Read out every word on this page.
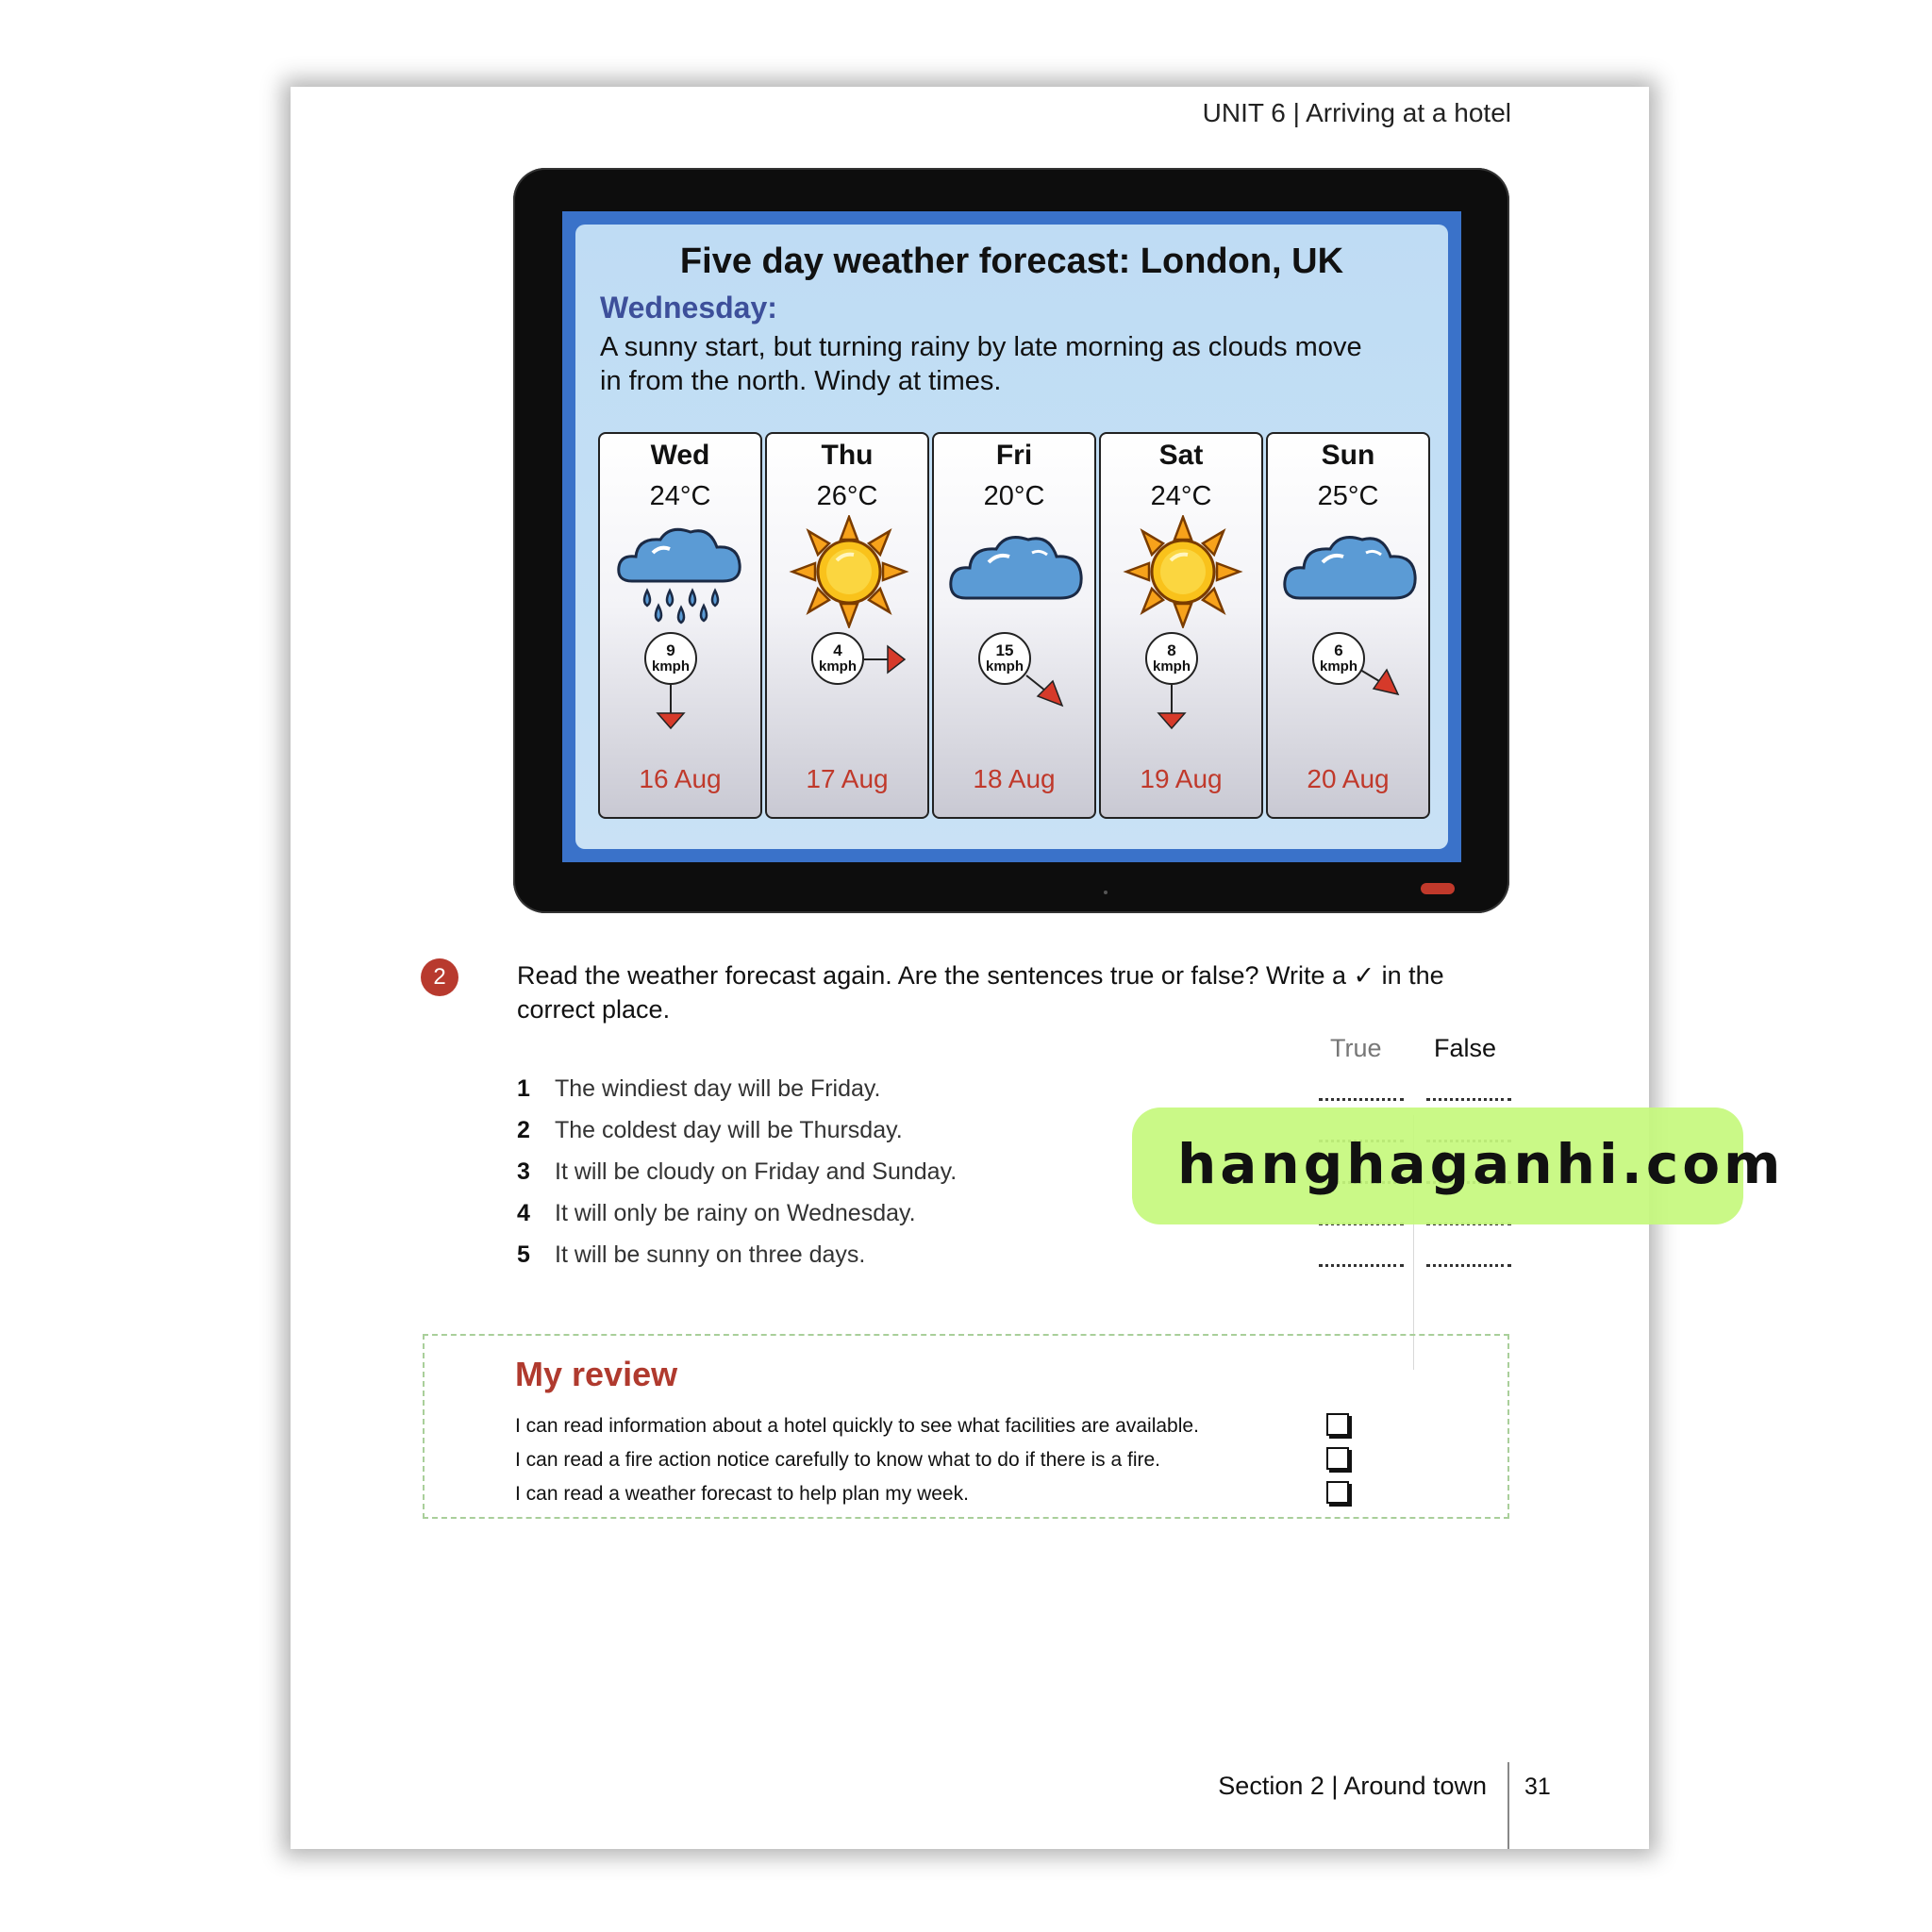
UNIT 6 | Arriving at a hotel
Five day weather forecast: London, UK
Wednesday:
A sunny start, but turning rainy by late morning as clouds move in from the north. Windy at times.
Wed
24°C
9
kmph
16 Aug
Thu
26°C
4
kmph
17 Aug
Fri
20°C
15
kmph
18 Aug
Sat
24°C
8
kmph
19 Aug
Sun
25°C
6
kmph
20 Aug
2	Read the weather forecast again. Are the sentences true or false? Write a ✓ in the correct place.
True False
1 The windiest day will be Friday.
2 The coldest day will be Thursday.
3 It will be cloudy on Friday and Sunday.
4 It will only be rainy on Wednesday.
5 It will be sunny on three days.
My review
I can read information about a hotel quickly to see what facilities are available.
I can read a fire action notice carefully to know what to do if there is a fire.
I can read a weather forecast to help plan my week.
Section 2 | Around town 31
hanghaganhi.com
